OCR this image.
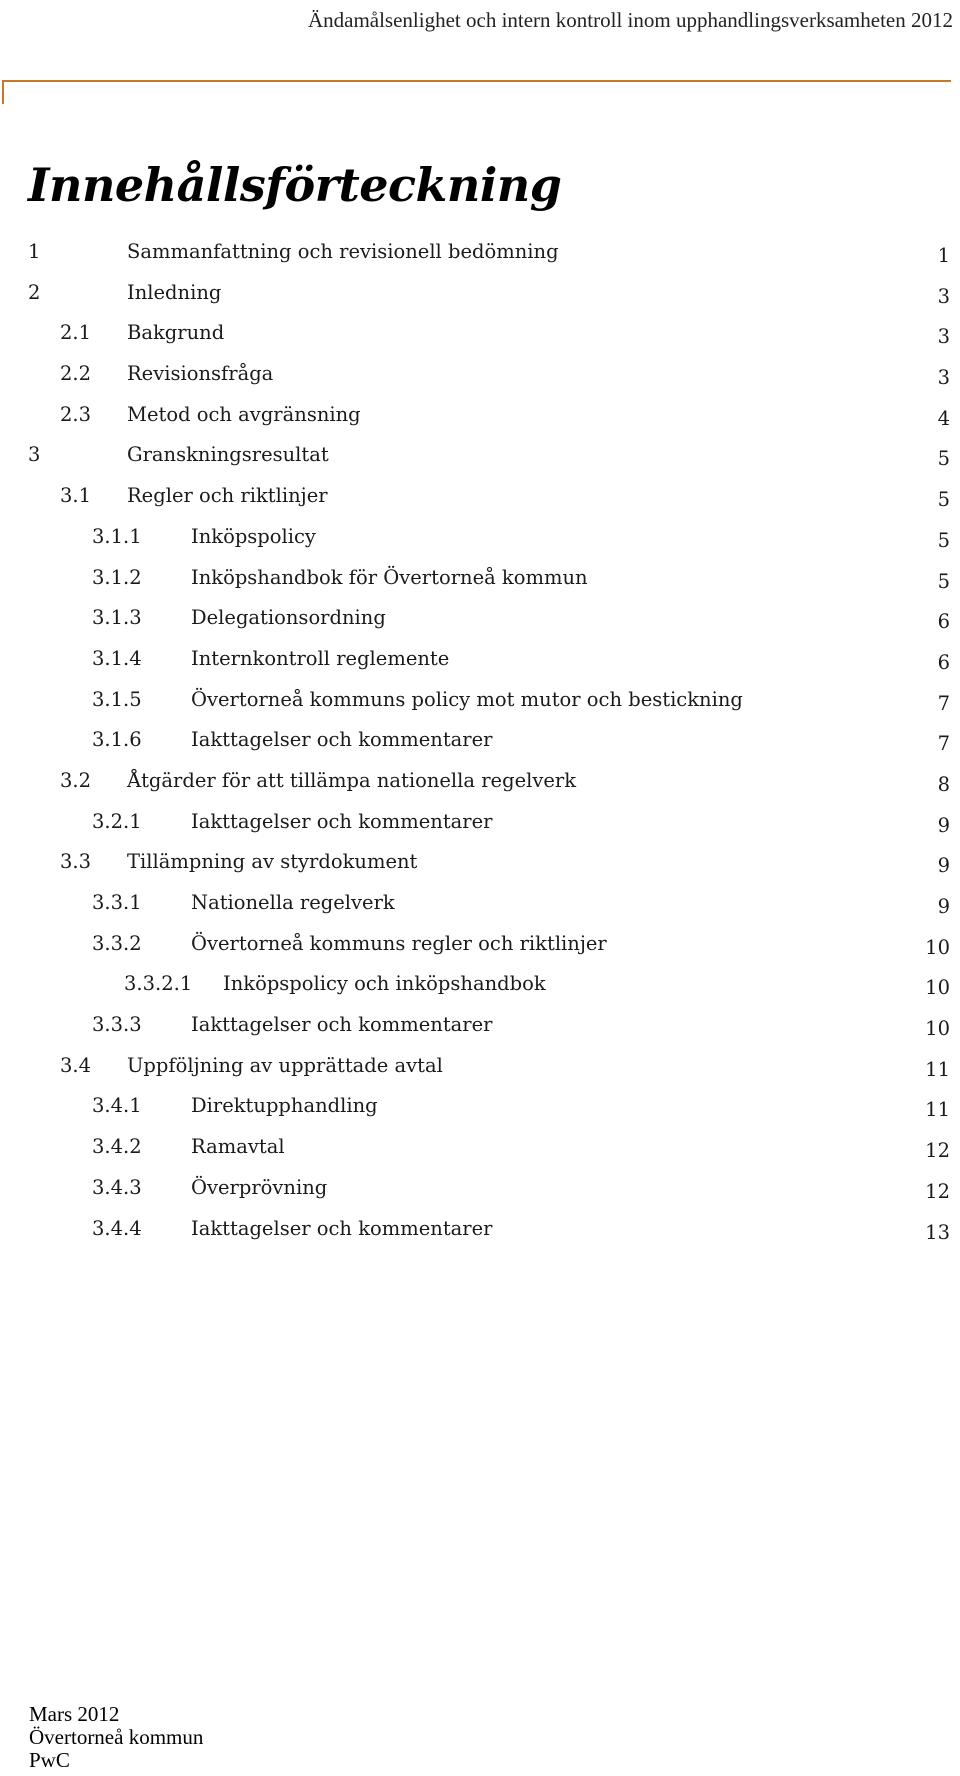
Ändamålsenlighet och intern kontroll inom upphandlingsverksamheten 2012
Innehållsförteckning
1	Sammanfattning och revisionell bedömning	1
2	Inledning	3
2.1 Bakgrund	3
2.2 Revisionsfråga	3
2.3 Metod och avgränsning	4
3	Granskningsresultat	5
3.1 Regler och riktlinjer	5
3.1.1	Inköpspolicy	5
3.1.2	Inköpshandbok för Övertorneå kommun	5
3.1.3	Delegationsordning	6
3.1.4	Internkontroll reglemente	6
3.1.5	Övertorneå kommuns policy mot mutor och bestickning	7
3.1.6	Iakttagelser och kommentarer	7
3.2 Åtgärder för att tillämpa nationella regelverk	8
3.2.1	Iakttagelser och kommentarer	9
3.3 Tillämpning av styrdokument	9
3.3.1	Nationella regelverk	9
3.3.2	Övertorneå kommuns regler och riktlinjer	10
3.3.2.1 Inköpspolicy och inköpshandbok	10
3.3.3	Iakttagelser och kommentarer	10
3.4 Uppföljning av upprättade avtal	11
3.4.1	Direktupphandling	11
3.4.2	Ramavtal	12
3.4.3	Överprövning	12
3.4.4	Iakttagelser och kommentarer	13
Mars 2012
Övertorneå kommun
PwC
